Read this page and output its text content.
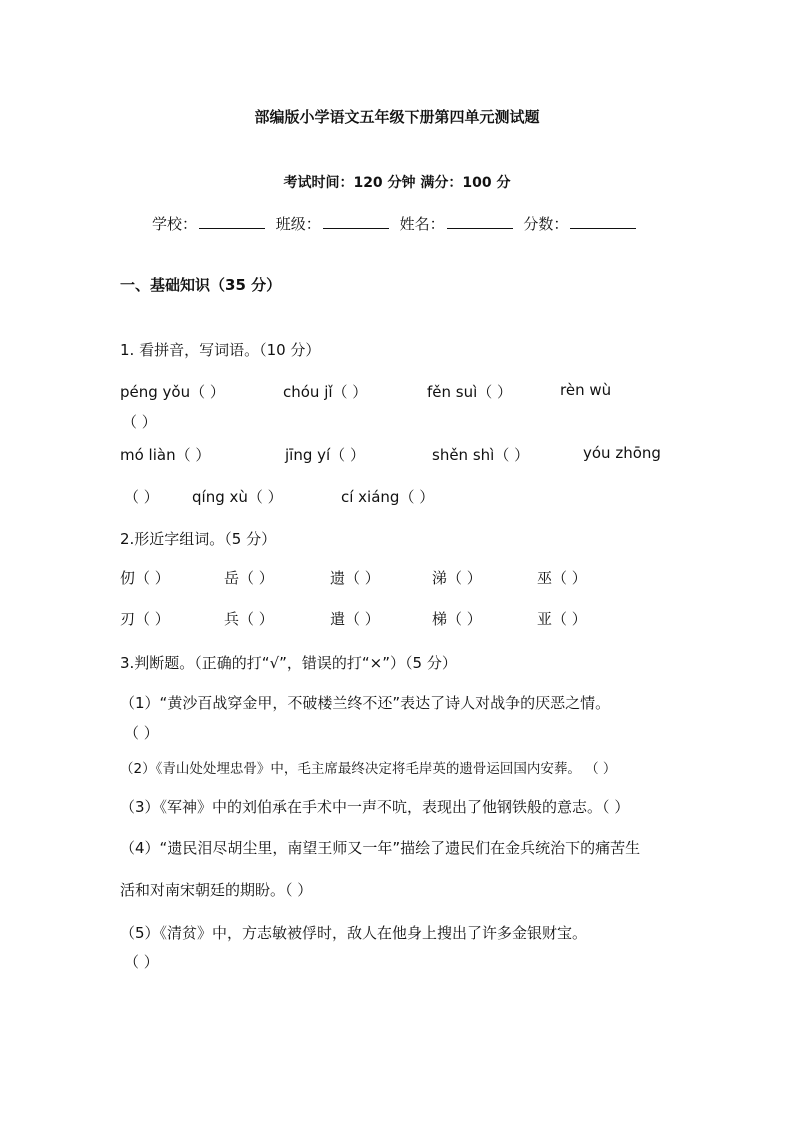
部编版小学语文五年级下册第四单元测试题
考试时间：120 分钟 满分：100 分
学校：	班级：	姓名：	分数：
一、基础知识（35 分）
1. 看拼音，写词语。（10 分）
péng yǒu（ ）	chóu jǐ（ ）	fěn suì（ ）	rèn wù
（ ）
mó liàn（ ）	jīng yí（ ）	shěn shì（ ）	yóu zhōng
（ ） qíng xù（ ）	cí xiáng（ ）
2.形近字组词。（5 分）
仞（ ）	岳（ ）	遗（ ）	涕（ ）	巫（ ）
刃（ ）	兵（ ）	遣（ ）	梯（ ）	亚（ ）
3.判断题。（正确的打“√”，错误的打“×”）（5 分）
（1）“黄沙百战穿金甲，不破楼兰终不还”表达了诗人对战争的厌恶之情。
（ ）
（2）《青山处处埋忠骨》中，毛主席最终决定将毛岸英的遗骨运回国内安葬。 （ ）
（3）《军神》中的刘伯承在手术中一声不吭，表现出了他钢铁般的意志。（ ）
（4）“遗民泪尽胡尘里，南望王师又一年”描绘了遗民们在金兵统治下的痛苦生
活和对南宋朝廷的期盼。（ ）
（5）《清贫》中，方志敏被俘时，敌人在他身上搜出了许多金银财宝。
（ ）
